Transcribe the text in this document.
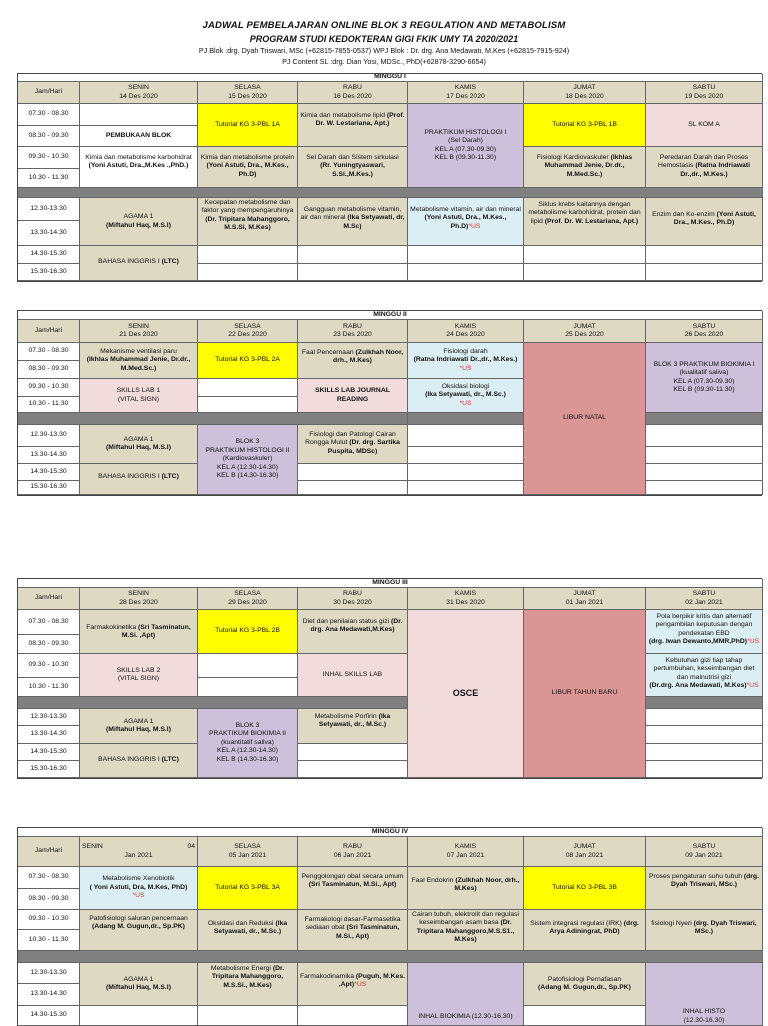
JADWAL PEMBELAJARAN ONLINE BLOK 3 REGULATION AND METABOLISM
PROGRAM STUDI KEDOKTERAN GIGI FKIK UMY TA 2020/2021
PJ Blok :drg. Dyah Triswari, MSc (+62815-7855-0537) WPJ Blok : Dr. drg. Ana Medawati, M.Kes (+62815-7915-924)
PJ Content SL :drg. Dian Yosi, MDSc., PhD(+62878-3290-6654)
MINGGU I
Jam/Hari
SENIN
14 Des 2020
SELASA
15 Des 2020
RABU
16 Des 2020
KAMIS
17 Des 2020
JUMAT
18 Des 2020
SABTU
19 Des 2020
07.30 - 08.30
08.30 - 09.30
09.30 - 10.30
10.30 - 11.30
12.30-13.30
13.30-14.30
14.30-15.30
15.30-16.30
PEMBUKAAN BLOK
Kimia dan metabolisme karbohidrat (Yoni Astuti, Dra.,M.Kes .,PhD.)
AGAMA 1
(Miftahul Haq, M.S.I)
BAHASA INGGRIS I (LTC)
Tutorial KG 3-PBL 1A
Kimia dan metabolisme protein (Yoni Astuti, Dra., M.Kes., Ph.D)
Kecepatan metabolisme dan faktor yang mempengaruhinya (Dr. Tripitara Mahanggoro, M.S.Si, M.Kes)
Kimia dan metabolisme lipid (Prof. Dr. W. Lestariana, Apt.)
Sel Darah dan Sistem sirkulasi (Rr. Yuningtyaswari, S.Si.,M.Kes.)
Gangguan metabolisme vitamin, air dan mineral (Ika Setyawati, dr, M.Sc)
PRAKTIKUM HISTOLOGI I
(Sel Darah)
KEL A (07.30-09.30)
KEL B (09.30-11.30)
Metabolisme vitamin, air dan mineral (Yoni Astuti, Dra., M.Kes., Ph.D)*US
Tutorial KG 3-PBL 1B
Fisiologi Kardiovaskuler (Ikhlas Muhammad Jenie, Dr.dr., M.Med.Sc.)
Siklus krebs kaitannya dengan metabolisme karbohidrat, protein dan lipid (Prof. Dr. W. Lestariana, Apt.)
SL KOM A
Peredaran Darah dan Proses Hemostasis (Ratna Indriawati Dr.,dr., M.Kes.)
Enzim dan Ko-enzim (Yoni Astuti, Dra., M.Kes., Ph.D)
MINGGU II
Jam/Hari
SENIN
21 Des 2020
SELASA
22 Des 2020
RABU
23 Des 2020
KAMIS
24 Des 2020
JUMAT
25 Des 2020
SABTU
26 Des 2020
07.30 - 08.30
08.30 - 09.30
09.30 - 10.30
10.30 - 11.30
12.30-13.30
13.30-14.30
14.30-15.30
15.30-16.30
Mekanisme ventilasi paru
(Ikhlas Muhammad Jenie, Dr.dr., M.Med.Sc.)
SKILLS LAB 1
(VITAL SIGN)
AGAMA 1
(Miftahul Haq, M.S.I)
BAHASA INGGRIS I (LTC)
Tutorial KG 3-PBL 2A
BLOK 3
PRAKTIKUM HISTOLOGI II
(Kardiovaskuler)
KEL A (12.30-14.30)
KEL B (14.30-16.30)
Faal Pencernaan (Zulkhah Noor, drh., M.Kes)
SKILLS LAB JOURNAL READING
Fisiologi dan Patologi Cairan Rongga Mulut (Dr. drg. Sartika Puspita, MDSc)
Fisiologi darah
(Ratna Indriawati Dr.,dr., M.Kes.)
*US
Oksidasi biologi
(Ika Setyawati, dr., M.Sc.)
*US
LIBUR NATAL
BLOK 3 PRAKTIKUM BIOKIMIA I
(kualitatif saliva)
KEL A (07.30-09.30)
KEL B (09.30-11.30)
MINGGU III
Jam/Hari
SENIN
28 Des 2020
SELASA
29 Des 2020
RABU
30 Des 2020
KAMIS
31 Des 2020
JUMAT
01 Jan 2021
SABTU
02 Jan 2021
07.30 - 08.30
08.30 - 09.30
09.30 - 10.30
10.30 - 11.30
12.30-13.30
13.30-14.30
14.30-15.30
15.30-16.30
Farmakokinetika (Sri Tasminatun, M.Si. ,Apt)
SKILLS LAB 2
(VITAL SIGN)
AGAMA 1
(Miftahul Haq, M.S.I)
BAHASA INGGRIS I (LTC)
Tutorial KG 3-PBL 2B
BLOK 3
PRAKTIKUM BIOKIMIA II
(kuantitatif saliva)
KEL A (12.30-14.30)
KEL B (14.30-16.30)
Diet dan penilaian status gizi (Dr. drg. Ana Medawati,M.Kes)
INHAL SKILLS LAB
Metabolisme Porfirin (Ika Setyawati, dr., M.Sc.)
OSCE	LIBUR TAHUN BARU
Pola berpikir kritis dan alternatif pengambilan keputusan dengan pendekatan EBD
(drg. Iwan Dewanto,MMR,PhD)*US
Kebutuhan gizi tiap tahap pertumbuhan, keseimbangan diet dan malnutrisi gizi
(Dr.drg. Ana Medawati, M.Kes)*US
MINGGU IV
Jam/Hari
SENIN	04
Jan 2021
SELASA
05 Jan 2021
RABU
06 Jan 2021
KAMIS
07 Jan 2021
JUMAT
08 Jan 2021
SABTU
09 Jan 2021
07.30 - 08.30
08.30 - 09.30
09.30 - 10.30
10.30 - 11.30
12.30-13.30
13.30-14.30
14.30-15.30
Metabolisme Xenobiotik
( Yoni Astuti, Dra, M.Kes, PhD)
*US
Patofisiologi saluran pencernaan (Adang M. Gugun,dr., Sp.PK)
AGAMA 1
(Miftahul Haq, M.S.I)
Tutorial KG 3-PBL 3A
Oksidasi dan Reduksi (Ika Setyawati, dr., M.Sc.)
Metabolisme Energi (Dr. Tripitara Mahanggoro, M.S.Si., M.Kes)
Penggolongan obat secara umum (Sri Tasminatun, M.Si., Apt)
Farmakologi dasar-Farmasetika sediaan obat (Sri Tasminatun, M.Si., Apt)
Farmakodinamika (Puguh, M.Kes. ,Apt)*US
Faal Endokrin (Zulkhah Noor, drh., M.Kes)
Cairan tubuh, elektrolit dan regulasi keseimbangan asam basa (Dr. Tripitara Mahanggoro,M.S.S1., M.Kes)
INHAL BIOKIMIA (12.30-16.30)
Tutorial KG 3-PBL 3B
Sistem integrasi regulasi (IRK) (drg. Arya Adiningrat, PhD)
Patofisiologi Pernafasan
(Adang M. Gugun,dr., Sp.PK)
Proses pengaturan suhu tubuh (drg. Dyah Triswari, MSc.)
fisiologi Nyeri (drg. Dyah Triswari, MSc.)
INHAL HISTO
(12.30-16.30)
